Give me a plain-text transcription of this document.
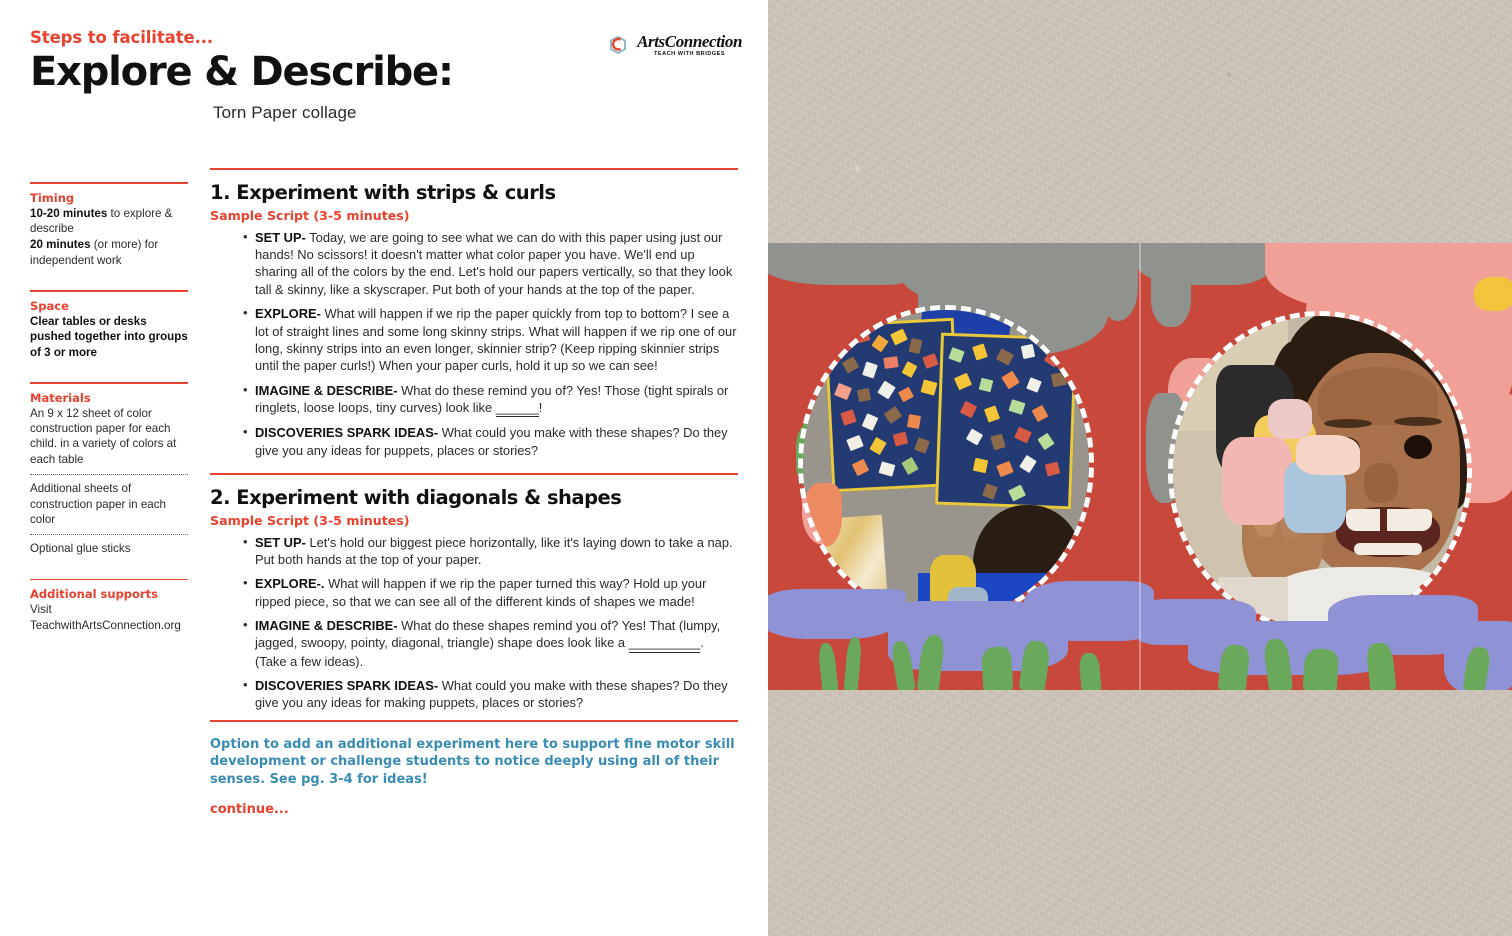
Steps to facilitate...
Explore & Describe:
Torn Paper collage
ArtsConnection
TEACH WITH BRIDGES
Timing
10-20 minutes to explore & describe
20 minutes (or more) for independent work
Space
Clear tables or desks pushed together into groups of 3 or more
Materials
An 9 x 12 sheet of color construction paper for each child. in a variety of colors at each table
Additional sheets of construction paper in each color
Optional glue sticks
Additional supports
Visit TeachwithArtsConnection.org
1. Experiment with strips & curls
Sample Script (3-5 minutes)
• SET UP- Today, we are going to see what we can do with this paper using just our hands! No scissors! it doesn't matter what color paper you have. We'll end up sharing all of the colors by the end. Let's hold our papers vertically, so that they look tall & skinny, like a skyscraper. Put both of your hands at the top of the paper.
• EXPLORE- What will happen if we rip the paper quickly from top to bottom? I see a lot of straight lines and some long skinny strips. What will happen if we rip one of our long, skinny strips into an even longer, skinnier strip? (Keep ripping skinnier strips until the paper curls!) When your paper curls, hold it up so we can see!
• IMAGINE & DESCRIBE- What do these remind you of? Yes! Those (tight spirals or ringlets, loose loops, tiny curves) look like ______!
• DISCOVERIES SPARK IDEAS- What could you make with these shapes? Do they give you any ideas for puppets, places or stories?
2. Experiment with diagonals & shapes
Sample Script (3-5 minutes)
• SET UP- Let's hold our biggest piece horizontally, like it's laying down to take a nap. Put both hands at the top of your paper.
• EXPLORE-. What will happen if we rip the paper turned this way? Hold up your ripped piece, so that we can see all of the different kinds of shapes we made!
• IMAGINE & DESCRIBE- What do these shapes remind you of? Yes! That (lumpy, jagged, swoopy, pointy, diagonal, triangle) shape does look like a __________. (Take a few ideas).
• DISCOVERIES SPARK IDEAS- What could you make with these shapes? Do they give you any ideas for making puppets, places or stories?
Option to add an additional experiment here to support fine motor skill development or challenge students to notice deeply using all of their senses. See pg. 3-4 for ideas!
continue...
